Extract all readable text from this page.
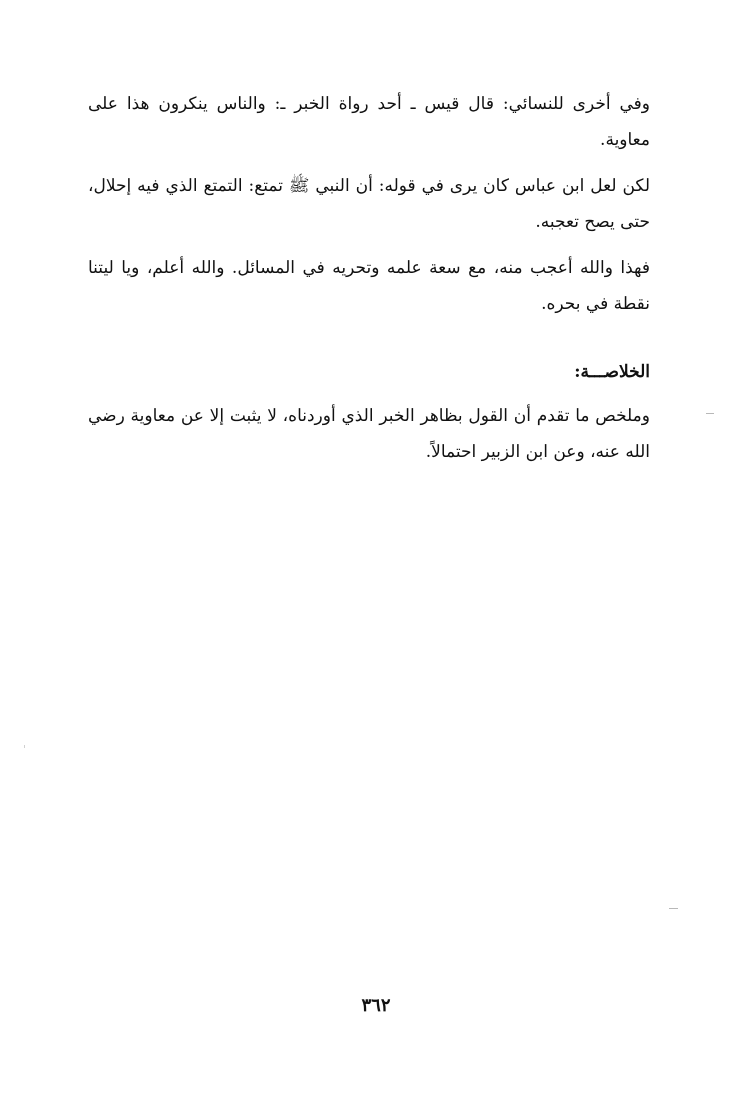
وفي أخرى للنسائي: قال قيس ـ أحد رواة الخبر ـ: والناس ينكرون هذا على معاوية.

لكن لعل ابن عباس كان يرى في قوله: أن النبي ﷺ تمتع: التمتع الذي فيه إحلال، حتى يصح تعجبه.

فهذا والله أعجب منه، مع سعة علمه وتحريه في المسائل. والله أعلم، ويا ليتنا نقطة في بحره.

الخلاصـــة:

وملخص ما تقدم أن القول بظاهر الخبر الذي أوردناه، لا يثبت إلا عن معاوية رضي الله عنه، وعن ابن الزبير احتمالاً.

٣٦٢
